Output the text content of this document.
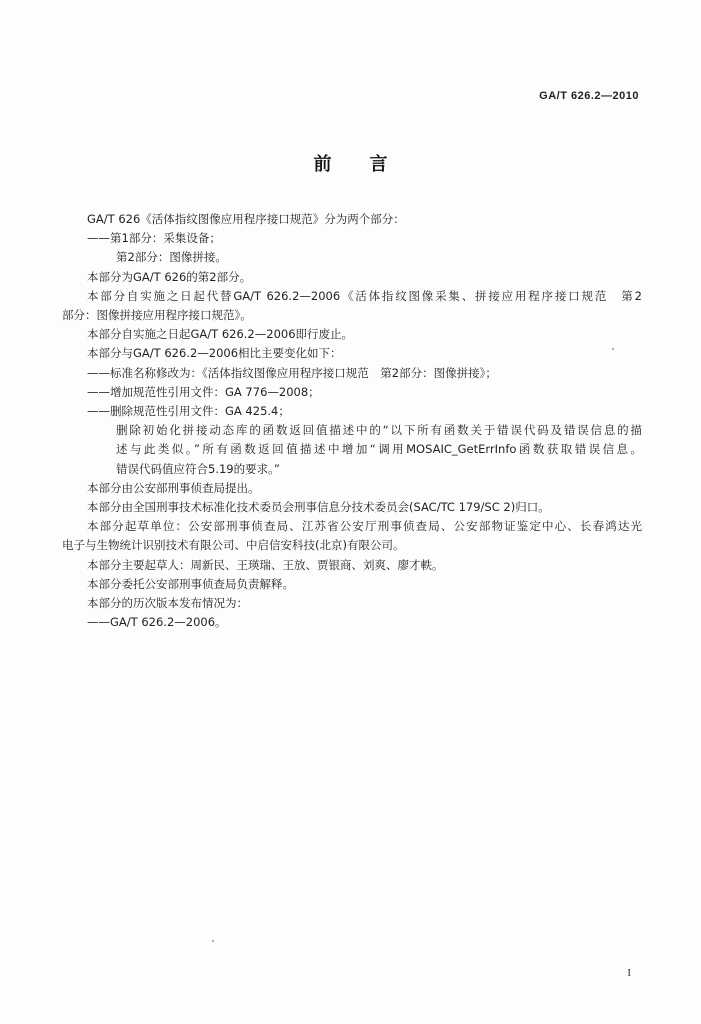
GA/T 626.2—2010
前言
GA/T 626《活体指纹图像应用程序接口规范》分为两个部分：
——第1部分：采集设备；
第2部分：图像拼接。
本部分为GA/T 626的第2部分。
本部分自实施之日起代替GA/T 626.2—2006《活体指纹图像采集、拼接应用程序接口规范　第2
部分：图像拼接应用程序接口规范》。
本部分自实施之日起GA/T 626.2—2006即行废止。
本部分与GA/T 626.2—2006相比主要变化如下：
——标准名称修改为：《活体指纹图像应用程序接口规范　第2部分：图像拼接》；
——增加规范性引用文件：GA 776—2008；
——删除规范性引用文件：GA 425.4；
删除初始化拼接动态库的函数返回值描述中的“以下所有函数关于错误代码及错误信息的描
述与此类似。”所有函数返回值描述中增加“调用MOSAIC_GetErrInfo函数获取错误信息。
错误代码值应符合5.19的要求。”
本部分由公安部刑事侦查局提出。
本部分由全国刑事技术标准化技术委员会刑事信息分技术委员会(SAC/TC 179/SC 2)归口。
本部分起草单位：公安部刑事侦查局、江苏省公安厅刑事侦查局、公安部物证鉴定中心、长春鸿达光
电子与生物统计识别技术有限公司、中启信安科技(北京)有限公司。
本部分主要起草人：周新民、王瑛瑞、王放、贾银商、刘爽、廖才軼。
本部分委托公安部刑事侦查局负责解释。
本部分的历次版本发布情况为：
——GA/T 626.2—2006。
I
